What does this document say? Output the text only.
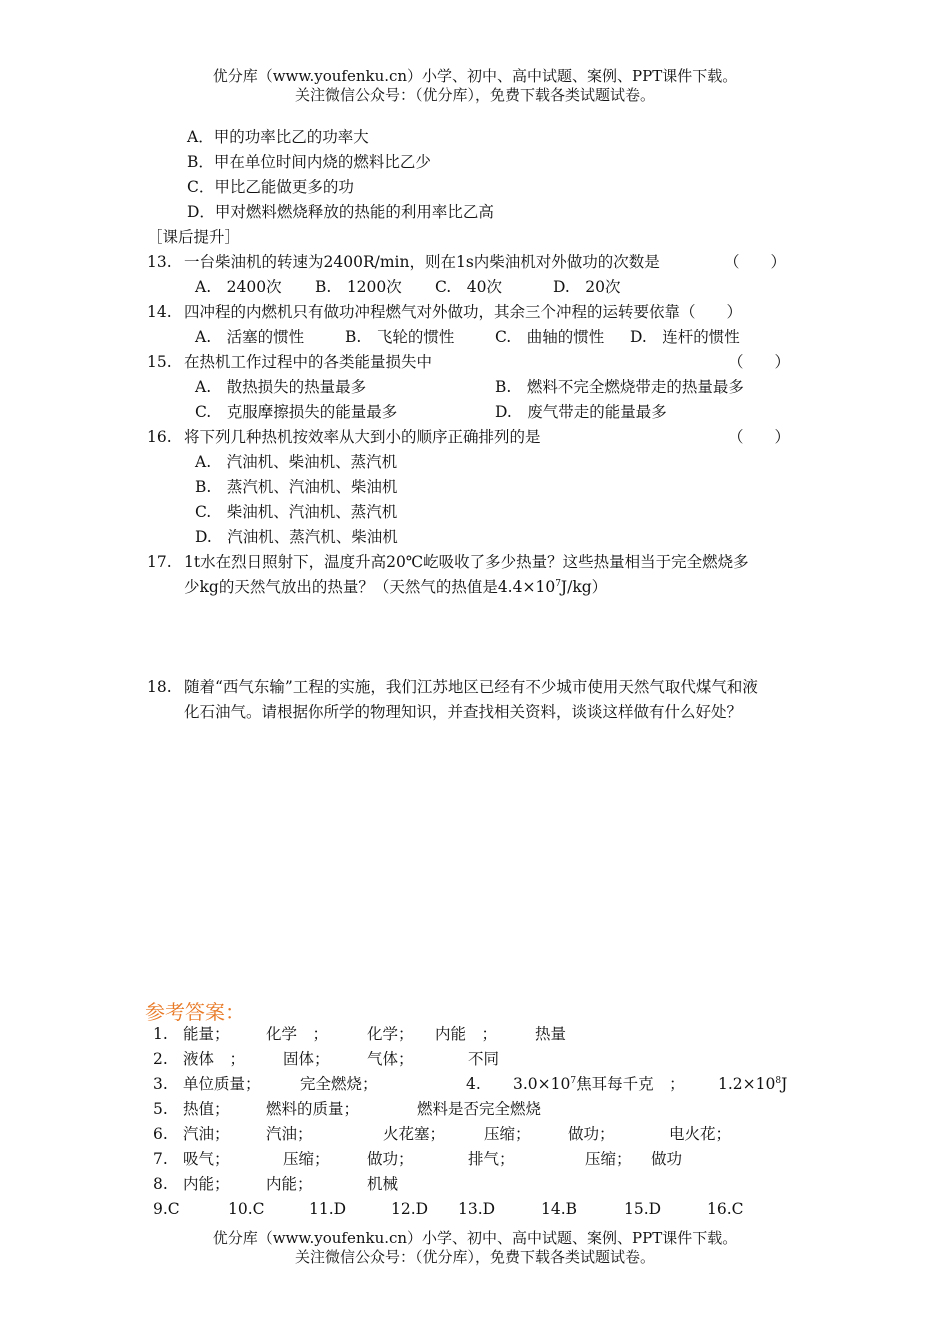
优分库（www.youfenku.cn）小学、初中、高中试题、案例、PPT课件下载。
关注微信公众号：（优分库），免费下载各类试题试卷。
A．甲的功率比乙的功率大
B．甲在单位时间内烧的燃料比乙少
C．甲比乙能做更多的功
D．甲对燃料燃烧释放的热能的利用率比乙高
［课后提升］
13. 一台柴油机的转速为2400R/min，则在1s内柴油机对外做功的次数是	（　　）
A.　2400次 B.　1200次 C.　40次	D.　20次
14. 四冲程的内燃机只有做功冲程燃气对外做功，其余三个冲程的运转要依靠（　　）
A.　活塞的惯性	B.　飞轮的惯性	C.　曲轴的惯性 D.　连杆的惯性
15. 在热机工作过程中的各类能量损失中	（　　）
A.　散热损失的热量最多	B.　燃料不完全燃烧带走的热量最多
C.　克服摩擦损失的能量最多	D.　废气带走的能量最多
16. 将下列几种热机按效率从大到小的顺序正确排列的是	（　　）
A.　汽油机、柴油机、蒸汽机
B.　蒸汽机、汽油机、柴油机
C.　柴油机、汽油机、蒸汽机
D.　汽油机、蒸汽机、柴油机
17. 1t水在烈日照射下，温度升高20℃屹吸收了多少热量？这些热量相当于完全燃烧多
少kg的天然气放出的热量？（天然气的热值是$4.4\times 10^7J/kg$）
18. 随着“西气东输”工程的实施，我们江苏地区已经有不少城市使用天然气取代煤气和液
化石油气。请根据你所学的物理知识，并查找相关资料，谈谈这样做有什么好处？
参考答案：
1. 能量； 化学　；	化学； 内能　； 热量
2. 液体　； 固体； 气体；	不同
3. 单位质量；	完全燃烧；	4. $3.0\times 10^7$焦耳每千克　； $1.2\times 10^8J$
5. 热值； 燃料的质量；	燃料是否完全燃烧
6. 汽油； 汽油；	火花塞；	压缩； 做功；	电火花；
7. 吸气；	压缩； 做功；	排气；	压缩； 做功
8. 内能； 内能；	机械
9.C	10.C	11.D	12.D 13.D	14.B	15.D	16.C
优分库（www.youfenku.cn）小学、初中、高中试题、案例、PPT课件下载。
关注微信公众号：（优分库），免费下载各类试题试卷。
